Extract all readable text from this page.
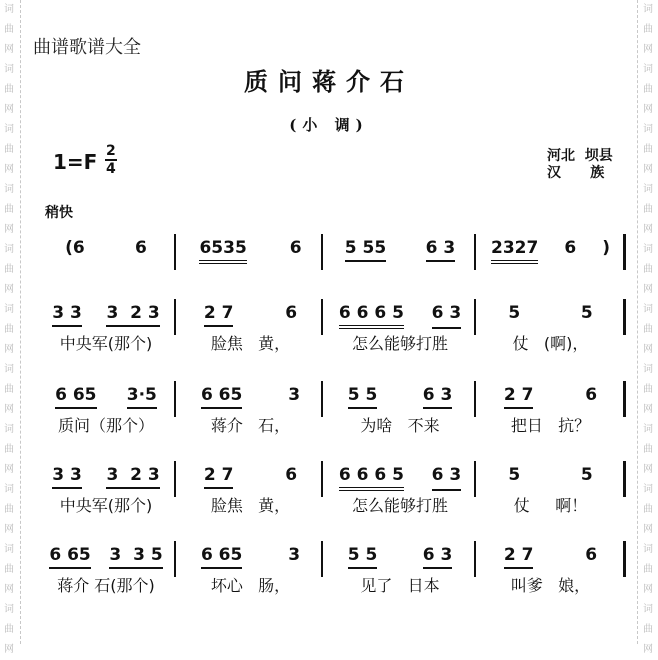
词
曲
网
词
曲
网
词
曲
网
词
曲
网
词
曲
网
词
曲
网
词
曲
网
词
曲
网
词
曲
网
词
曲
网
词
曲
网

词
曲
网
词
曲
网
词
曲
网
词
曲
网
词
曲
网
词
曲
网
词
曲
网
词
曲
网
词
曲
网
词
曲
网
词
曲
网

曲谱歌谱大全
质问蒋介石
(小 调)
$1=F \frac{2}{4}$	河北  坝县
汉      族
稍快
(6	6	6535	6	5 55 6 3 2327 6 )
3 3 3  2 3
中央军(那个)
2 7	6
脸焦   黄，
6 6 6 5 6 3
怎么能够打胜
5	5
仗   (啊)，
6 65 3·5
质问（那个）
6 65	3
蒋介   石，
5 5	6 3
为啥   不来
2 7	6
把日   抗？
3 3 3  2 3
中央军(那个)
2 7	6
脸焦   黄，
6 6 6 5 6 3
怎么能够打胜
5	5
仗     啊！
6 65 3  3 5
蒋介 石(那个)
6 65	3
坏心   肠，
5 5	6 3
见了   日本
2 7	6
叫爹   娘，
